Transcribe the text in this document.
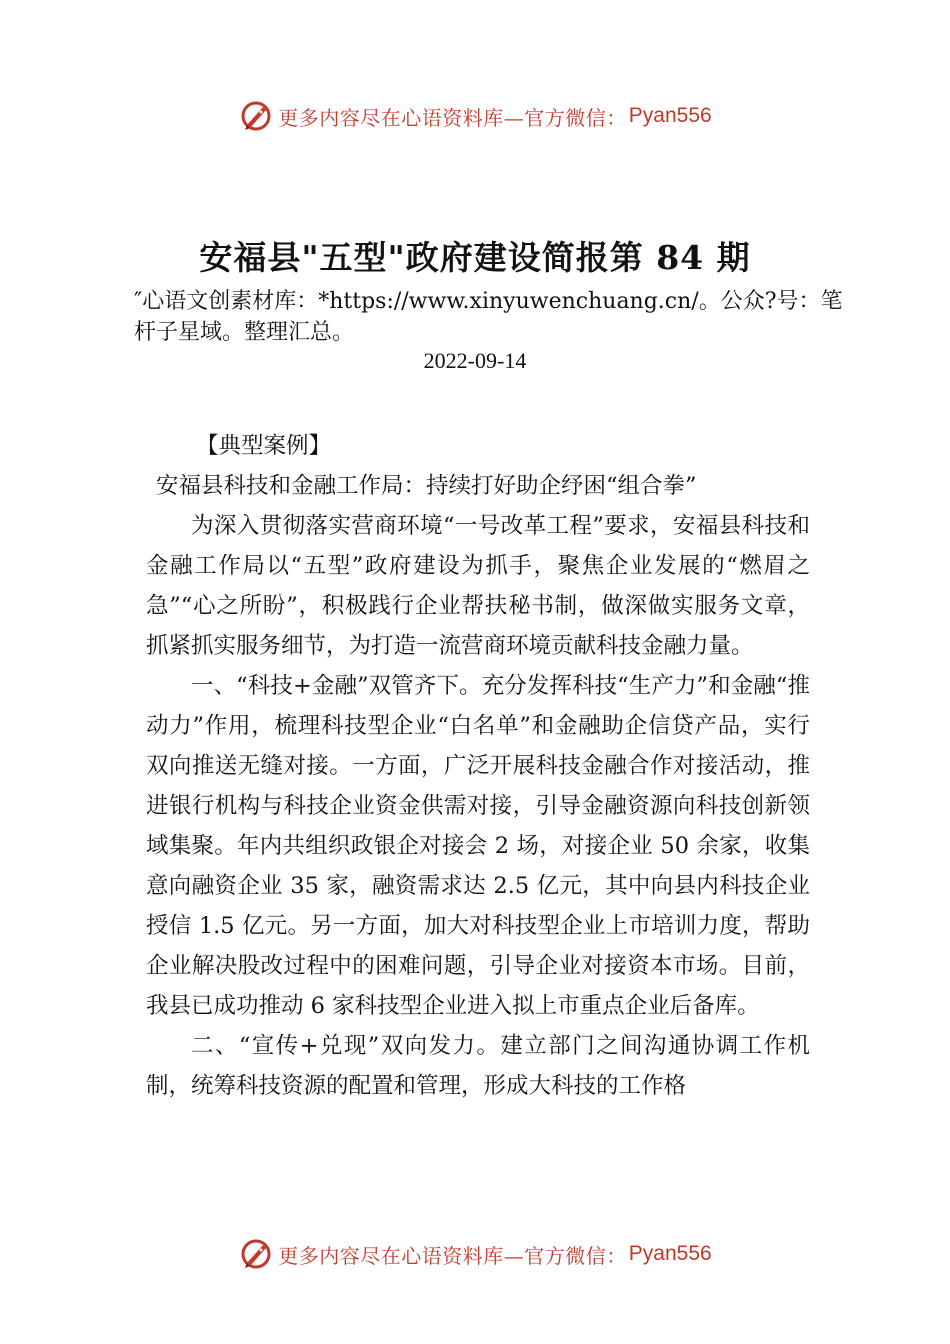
更多内容尽在心语资料库—官方微信： Pyan556
安福县"五型"政府建设简报第 84 期
″心语文创素材库：*https://www.xinyuwenchuang.cn/。公众?号：笔杆子星域。整理汇总。
2022-09-14

【典型案例】

安福县科技和金融工作局：持续打好助企纾困“组合拳”

为深入贯彻落实营商环境“一号改革工程”要求，安福县科技和金融工作局以“五型”政府建设为抓手，聚焦企业发展的“燃眉之急”“心之所盼”，积极践行企业帮扶秘书制，做深做实服务文章，抓紧抓实服务细节，为打造一流营商环境贡献科技金融力量。

一、“科技+金融”双管齐下。充分发挥科技“生产力”和金融“推动力”作用，梳理科技型企业“白名单”和金融助企信贷产品，实行双向推送无缝对接。一方面，广泛开展科技金融合作对接活动，推进银行机构与科技企业资金供需对接，引导金融资源向科技创新领域集聚。年内共组织政银企对接会 2 场，对接企业 50 余家，收集意向融资企业 35 家，融资需求达 2.5 亿元，其中向县内科技企业授信 1.5 亿元。另一方面，加大对科技型企业上市培训力度，帮助企业解决股改过程中的困难问题，引导企业对接资本市场。目前，我县已成功推动 6 家科技型企业进入拟上市重点企业后备库。

二、“宣传+兑现”双向发力。建立部门之间沟通协调工作机制，统筹科技资源的配置和管理，形成大科技的工作格

更多内容尽在心语资料库—官方微信： Pyan556
